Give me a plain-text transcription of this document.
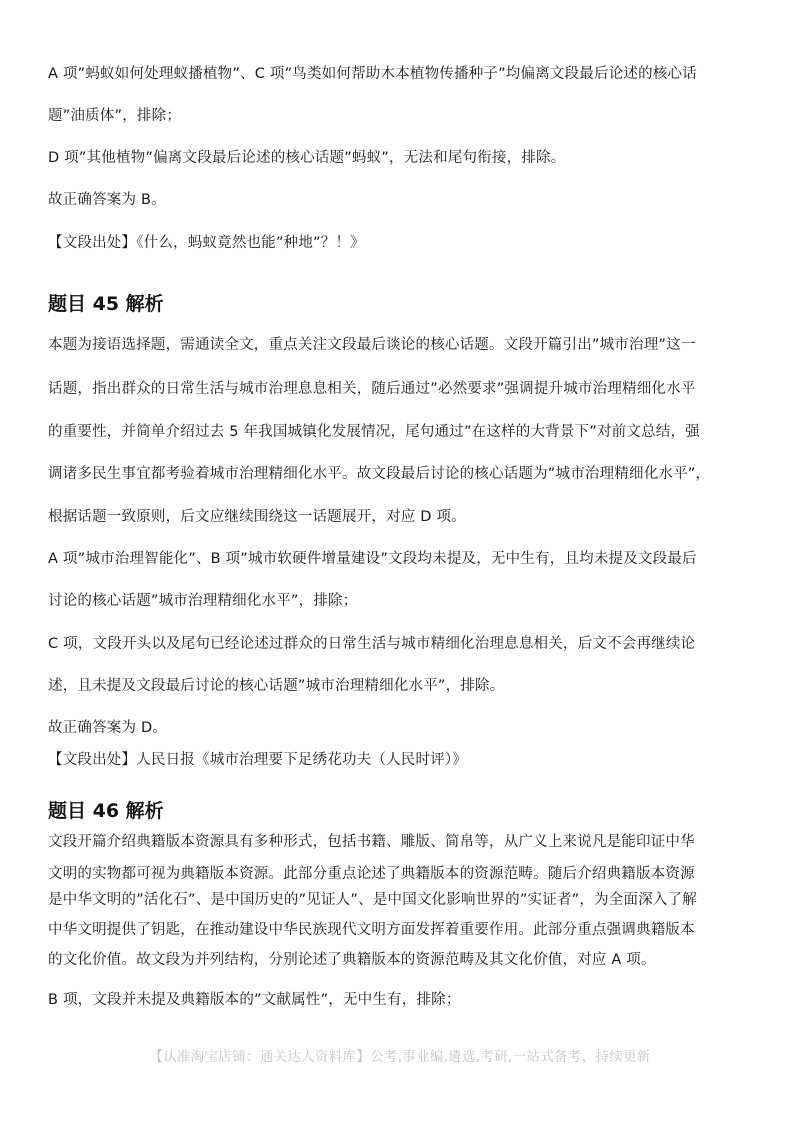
A 项”蚂蚁如何处理蚁播植物”、C 项”鸟类如何帮助木本植物传播种子”均偏离文段最后论述的核心话
题”油质体”，排除；
D 项”其他植物”偏离文段最后论述的核心话题”蚂蚁”，无法和尾句衔接，排除。
故正确答案为 B。
【文段出处】《什么，蚂蚁竟然也能”种地”？！》
题目 45 解析
本题为接语选择题，需通读全文，重点关注文段最后谈论的核心话题。文段开篇引出”城市治理”这一
话题，指出群众的日常生活与城市治理息息相关，随后通过”必然要求”强调提升城市治理精细化水平
的重要性，并简单介绍过去 5 年我国城镇化发展情况，尾句通过”在这样的大背景下”对前文总结，强
调诸多民生事宜都考验着城市治理精细化水平。故文段最后讨论的核心话题为”城市治理精细化水平”，
根据话题一致原则，后文应继续围绕这一话题展开，对应 D 项。
A 项”城市治理智能化”、B 项”城市软硬件增量建设”文段均未提及，无中生有，且均未提及文段最后
讨论的核心话题”城市治理精细化水平”，排除；
C 项，文段开头以及尾句已经论述过群众的日常生活与城市精细化治理息息相关，后文不会再继续论
述，且未提及文段最后讨论的核心话题”城市治理精细化水平”，排除。
故正确答案为 D。
【文段出处】人民日报《城市治理要下足绣花功夫（人民时评）》
题目 46 解析
文段开篇介绍典籍版本资源具有多种形式，包括书籍、雕版、简帛等，从广义上来说凡是能印证中华
文明的实物都可视为典籍版本资源。此部分重点论述了典籍版本的资源范畴。随后介绍典籍版本资源
是中华文明的”活化石”、是中国历史的”见证人”、是中国文化影响世界的”实证者”，为全面深入了解
中华文明提供了钥匙，在推动建设中华民族现代文明方面发挥着重要作用。此部分重点强调典籍版本
的文化价值。故文段为并列结构，分别论述了典籍版本的资源范畴及其文化价值，对应 A 项。
B 项，文段并未提及典籍版本的”文献属性”，无中生有，排除；
【认准淘宝店铺：通关达人资料库】公考,事业编,遴选,考研,一站式备考，持续更新
